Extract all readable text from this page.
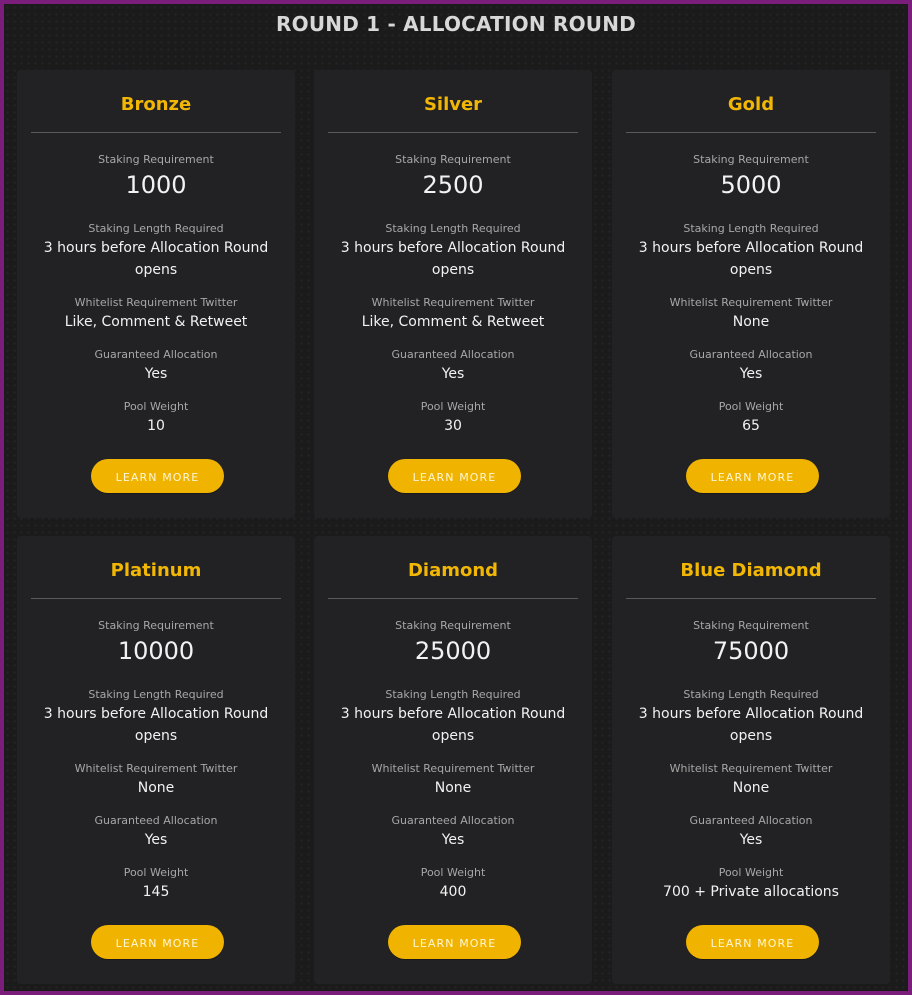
ROUND 1 - ALLOCATION ROUND
Bronze
Staking Requirement
1000
Staking Length Required
3 hours before Allocation Round opens
Whitelist Requirement Twitter
Like, Comment & Retweet
Guaranteed Allocation
Yes
Pool Weight
10
LEARN MORE
Silver
Staking Requirement
2500
Staking Length Required
3 hours before Allocation Round opens
Whitelist Requirement Twitter
Like, Comment & Retweet
Guaranteed Allocation
Yes
Pool Weight
30
LEARN MORE
Gold
Staking Requirement
5000
Staking Length Required
3 hours before Allocation Round opens
Whitelist Requirement Twitter
None
Guaranteed Allocation
Yes
Pool Weight
65
LEARN MORE
Platinum
Staking Requirement
10000
Staking Length Required
3 hours before Allocation Round opens
Whitelist Requirement Twitter
None
Guaranteed Allocation
Yes
Pool Weight
145
LEARN MORE
Diamond
Staking Requirement
25000
Staking Length Required
3 hours before Allocation Round opens
Whitelist Requirement Twitter
None
Guaranteed Allocation
Yes
Pool Weight
400
LEARN MORE
Blue Diamond
Staking Requirement
75000
Staking Length Required
3 hours before Allocation Round opens
Whitelist Requirement Twitter
None
Guaranteed Allocation
Yes
Pool Weight
700 + Private allocations
LEARN MORE
